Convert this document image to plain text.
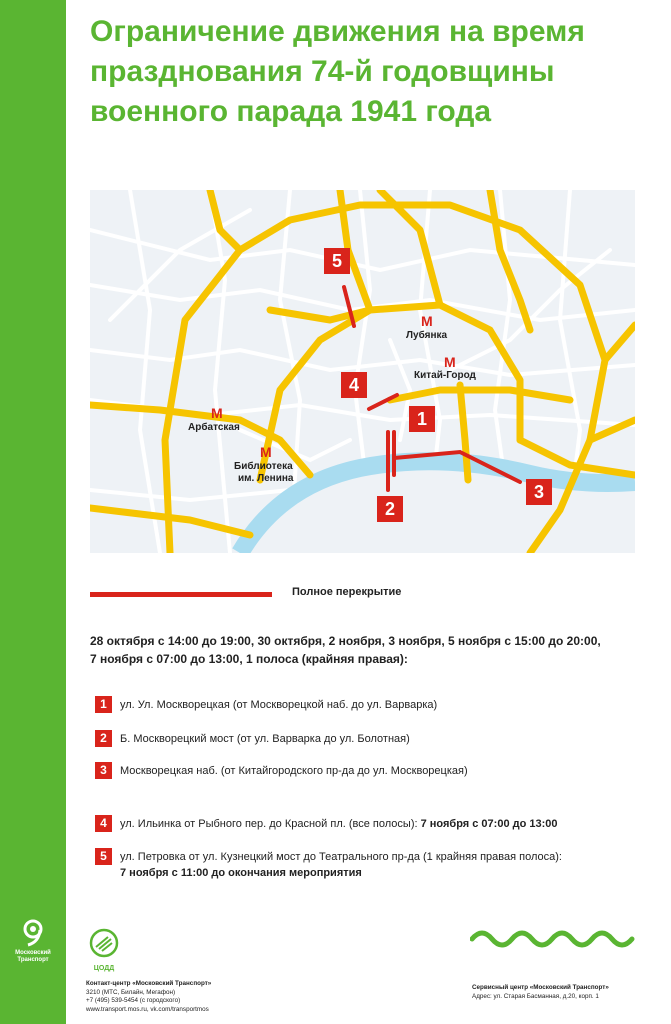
Московский
Транспорт
Ограничение движения на время
празднования 74-й годовщины
военного парада 1941 года
М
Лубянка
М
Китай-Город
М
Арбатская
М
Библиотека
им. Ленина
5
4
1
2
3
Полное перекрытие
28 октября с 14:00 до 19:00, 30 октября, 2 ноября, 3 ноября, 5 ноября с 15:00 до 20:00,
7 ноября с 07:00 до 13:00, 1 полоса (крайняя правая):
1	ул. Ул. Москворецкая (от Москворецкой наб. до ул. Варварка)
2	Б. Москворецкий мост (от ул. Варварка до ул. Болотная)
3	Москворецкая наб. (от Китайгородского пр-да до ул. Москворецкая)
4	ул. Ильинка от Рыбного пер. до Красной пл. (все полосы): 7 ноября с 07:00 до 13:00
5	ул. Петровка от ул. Кузнецкий мост до Театрального пр-да (1 крайняя правая полоса):
7 ноября с 11:00 до окончания мероприятия
ЦОДД
Контакт-центр «Московский Транспорт»
3210 (МТС, Билайн, Мегафон)
+7 (495) 539-5454 (с городского)
www.transport.mos.ru, vk.com/transportmos
Сервисный центр «Московский Транспорт»
Адрес: ул. Старая Басманная, д.20, корп. 1
